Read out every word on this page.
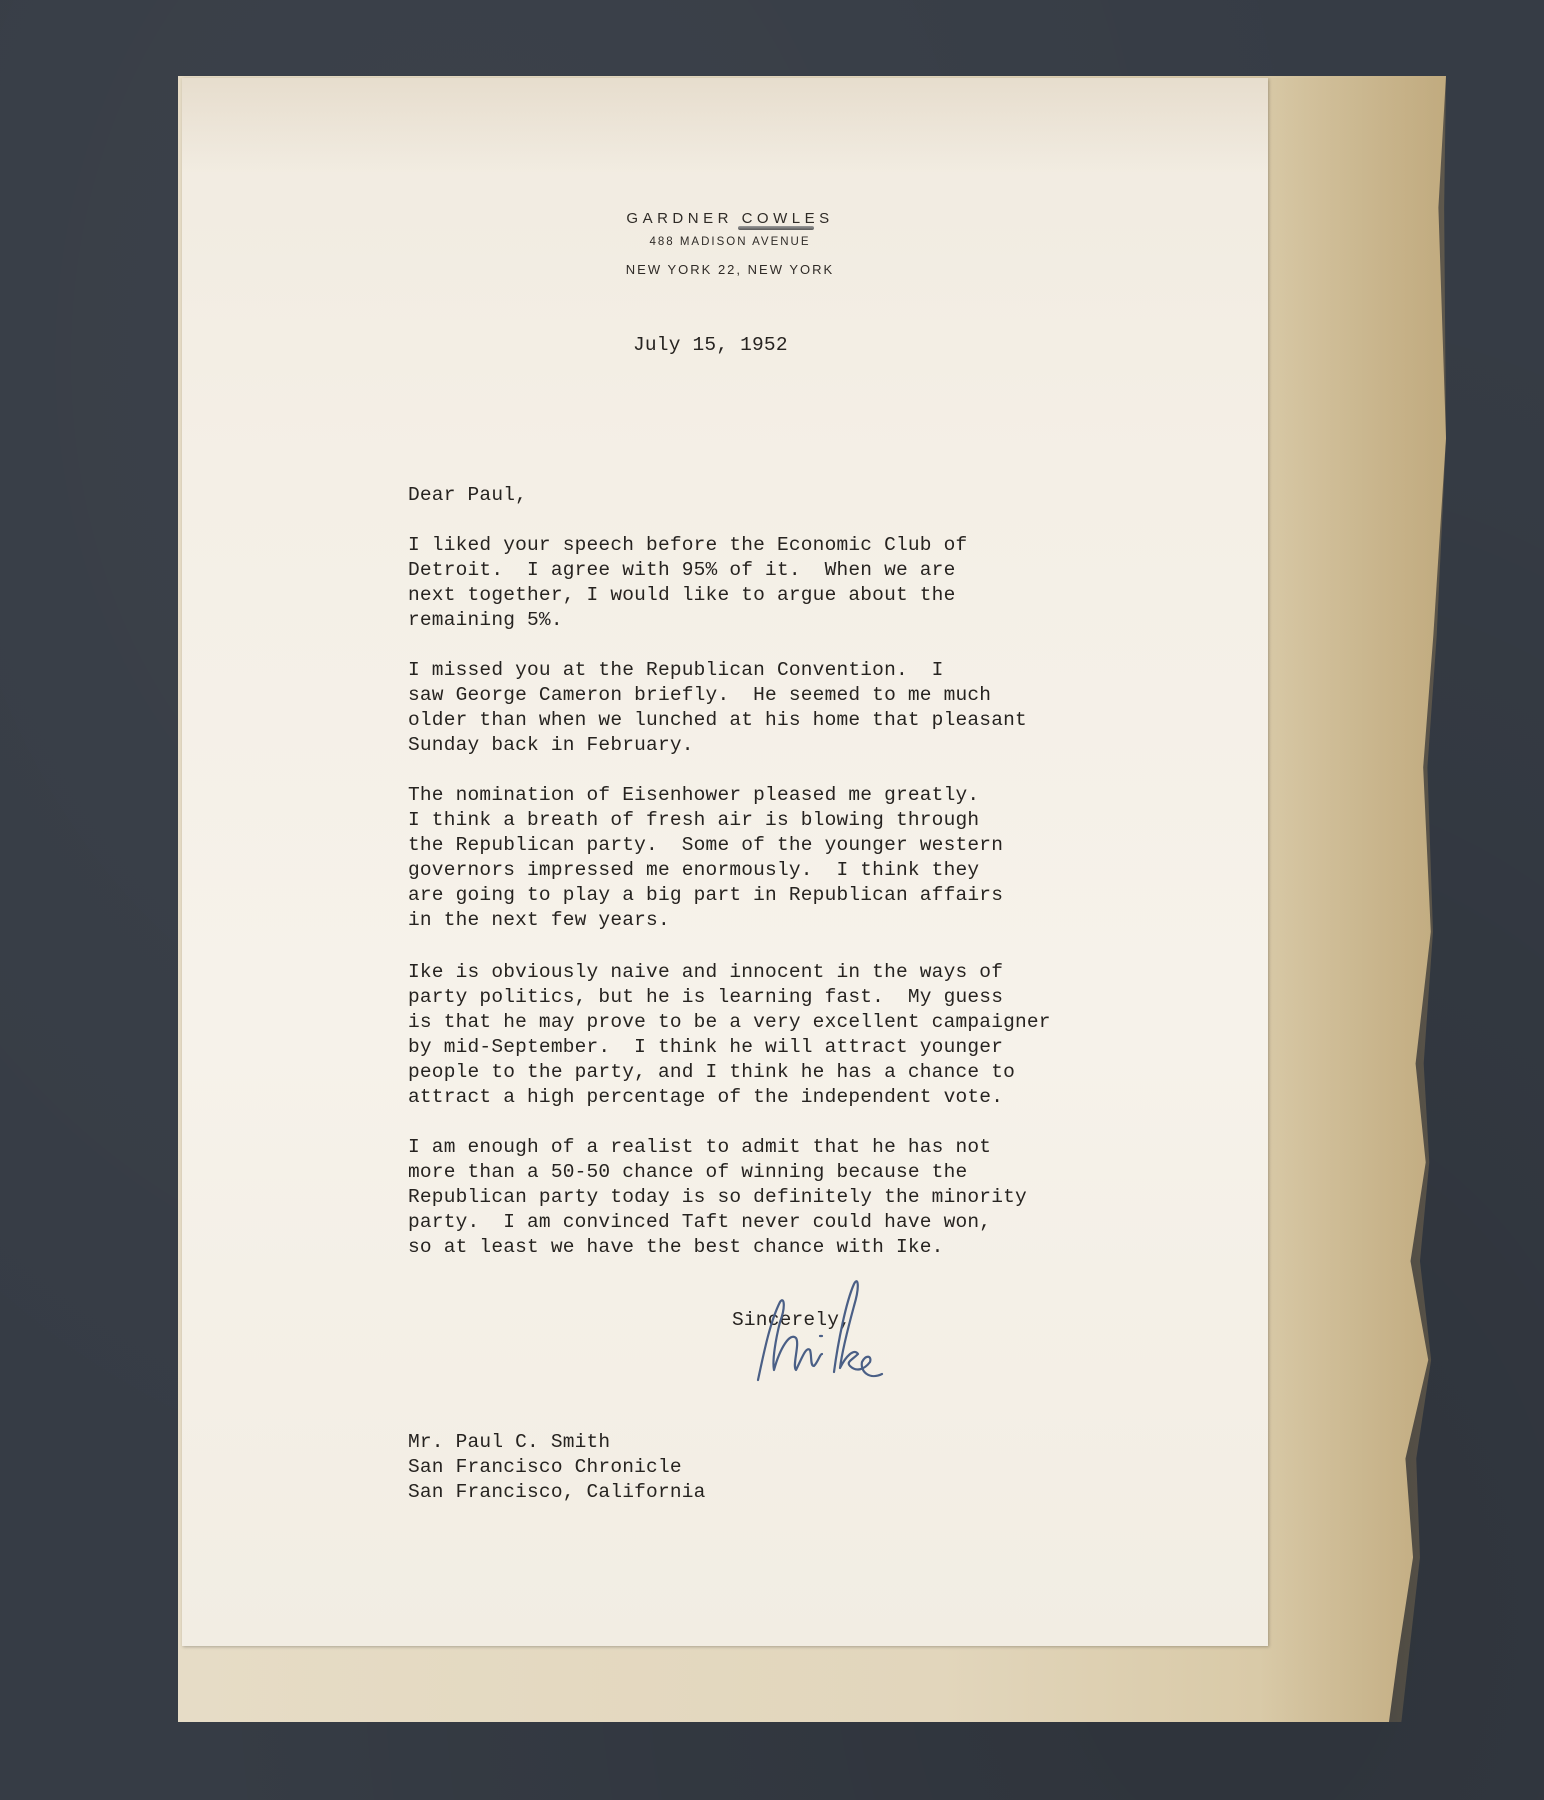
GARDNER COWLES
488 MADISON AVENUE
NEW YORK 22, NEW YORK
July 15, 1952
Dear Paul,
I liked your speech before the Economic Club of
Detroit.  I agree with 95% of it.  When we are
next together, I would like to argue about the
remaining 5%.
I missed you at the Republican Convention.  I
saw George Cameron briefly.  He seemed to me much
older than when we lunched at his home that pleasant
Sunday back in February.
The nomination of Eisenhower pleased me greatly.
I think a breath of fresh air is blowing through
the Republican party.  Some of the younger western
governors impressed me enormously.  I think they
are going to play a big part in Republican affairs
in the next few years.
Ike is obviously naive and innocent in the ways of
party politics, but he is learning fast.  My guess
is that he may prove to be a very excellent campaigner
by mid-September.  I think he will attract younger
people to the party, and I think he has a chance to
attract a high percentage of the independent vote.
I am enough of a realist to admit that he has not
more than a 50-50 chance of winning because the
Republican party today is so definitely the minority
party.  I am convinced Taft never could have won,
so at least we have the best chance with Ike.
Sincerely,
Mr. Paul C. Smith
San Francisco Chronicle
San Francisco, California
